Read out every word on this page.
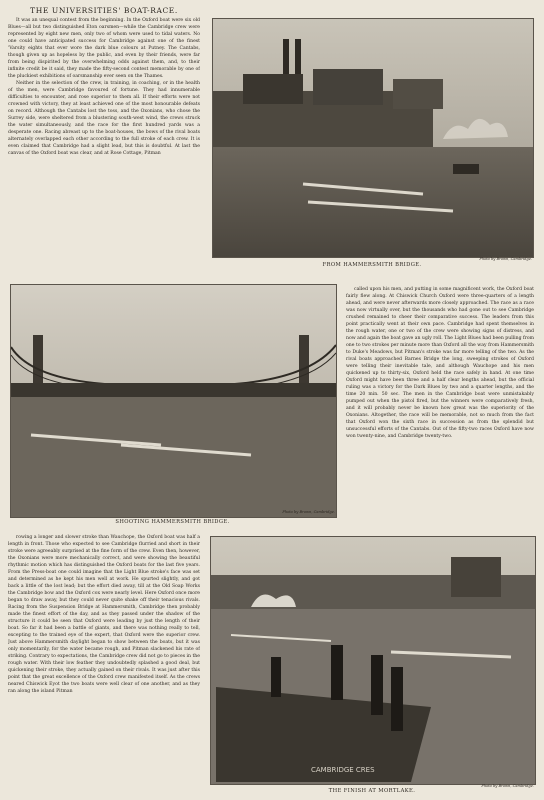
THE UNIVERSITIES' BOAT-RACE.

It was an unequal contest from the beginning. In the Oxford boat were six old Blues—all but two distinguished Eton oarsmen—while the Cambridge crew were represented by eight new men, only two of whom were used to tidal waters. No one could have anticipated success for Cambridge against one of the finest 'Varsity eights that ever wore the dark blue colours at Putney. The Cantabs, though given up as hopeless by the public, and even by their friends, were far from being dispirited by the overwhelming odds against them, and, to their infinite credit be it said, they made the fifty-second contest memorable by one of the pluckiest exhibitions of oarsmanship ever seen on the Thames.

Neither in the selection of the crew, in training, in coaching, or in the health of the men, were Cambridge favoured of fortune. They had innumerable difficulties to encounter, and rose superior to them all. If their efforts were not crowned with victory, they at least achieved one of the most honourable defeats on record. Although the Cantabs lost the toss, and the Oxonians, who chose the Surrey side, were sheltered from a blustering south-west wind, the crews struck the water simultaneously, and the race for the first hundred yards was a desperate one. Racing abreast up to the boat-houses, the bows of the rival boats alternately overlapped each other according to the full stroke of each crew. It is even claimed that Cambridge had a slight lead, but this is doubtful. At last the canvas of the Oxford boat was clear, and at Rose Cottage, Pitman

FROM HAMMERSMITH BRIDGE.
Photo by Brown, Cambridge.
SHOOTING HAMMERSMITH BRIDGE.
Photo by Brown, Cambridge.

called upon his men, and putting in some magnificent work, the Oxford boat fairly flew along. At Chiswick Church Oxford were three-quarters of a length ahead, and were never afterwards more closely approached. The race as a race was now virtually over, but the thousands who had gone out to see Cambridge crushed remained to cheer their comparative success. The leaders from this point practically went at their own pace. Cambridge had spent themselves in the rough water, one or two of the crew were showing signs of distress, and now and again the boat gave an ugly roll. The Light Blues had been pulling from one to two strokes per minute more than Oxford all the way from Hammersmith to Duke's Meadows, but Pitman's stroke was far more telling of the two. As the rival boats approached Barnes Bridge the long, sweeping strokes of Oxford were telling their inevitable tale, and although Wauchope and his men quickened up to thirty-six, Oxford held the race safely in hand. At one time Oxford might have been three and a half clear lengths ahead, but the official ruling was a victory for the Dark Blues by two and a quarter lengths, and the time 20 min. 50 sec. The men in the Cambridge boat were unmistakably pumped out when the pistol fired, but the winners were comparatively fresh, and it will probably never be known how great was the superiority of the Oxonians. Altogether, the race will be memorable, not so much from the fact that Oxford won the sixth race in succession as from the splendid but unsuccessful efforts of the Cantabs. Out of the fifty-two races Oxford have now won twenty-nine, and Cambridge twenty-two.

rowing a longer and slower stroke than Wauchope, the Oxford boat was half a length in front. Those who expected to see Cambridge flurried and short in their stroke were agreeably surprised at the fine form of the crew. Even then, however, the Oxonians were more mechanically correct, and were showing the beautiful rhythmic motion which has distinguished the Oxford boats for the last five years. From the Press-boat one could imagine that the Light Blue stroke's face was set and determined as he kept his men well at work. He spurted slightly, and got back a little of the lost lead; but the effort died away, till at the Old Soap Works the Cambridge bow and the Oxford cox were nearly level. Here Oxford once more began to draw away, but they could never quite shake off their tenacious rivals. Racing from the Suspension Bridge at Hammersmith, Cambridge then probably made the finest effort of the day, and as they passed under the shadow of the structure it could be seen that Oxford were leading by just the length of their boat. So far it had been a battle of giants, and there was nothing really to tell, excepting to the trained eye of the expert, that Oxford were the superior crew. Just above Hammersmith daylight began to show between the boats, but it was only momentarily, for the water became rough, and Pitman slackened his rate of striking. Contrary to expectations, the Cambridge crew did not go to pieces in the rough water. With their low feather they undoubtedly splashed a good deal, but quickening their stroke, they actually gained on their rivals. It was just after this point that the great excellence of the Oxford crew manifested itself. As the crews neared Chiswick Eyot the two boats were well clear of one another, and as they ran along the island Pitman

CAMBRIDGE CRES
THE FINISH AT MORTLAKE.
Photo by Brown, Cambridge.
